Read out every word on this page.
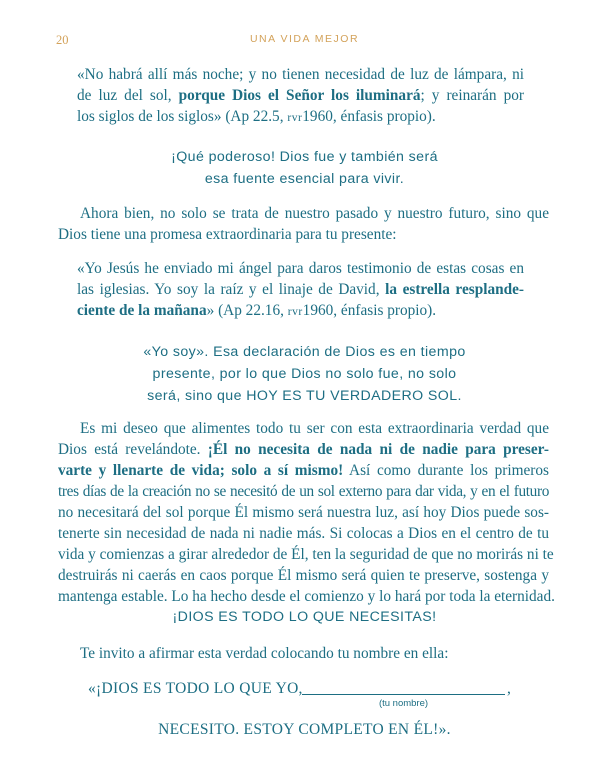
20	UNA VIDA MEJOR

«No habrá allí más noche; y no tienen necesidad de luz de lámpara, ni
de luz del sol, porque Dios el Señor los iluminará; y reinarán por
los siglos de los siglos» (Ap 22.5, rvr1960, énfasis propio).

¡Qué poderoso! Dios fue y también será
esa fuente esencial para vivir.

Ahora bien, no solo se trata de nuestro pasado y nuestro futuro, sino que
Dios tiene una promesa extraordinaria para tu presente:

«Yo Jesús he enviado mi ángel para daros testimonio de estas cosas en
las iglesias. Yo soy la raíz y el linaje de David, la estrella resplande-
ciente de la mañana» (Ap 22.16, rvr1960, énfasis propio).

«Yo soy». Esa declaración de Dios es en tiempo
presente, por lo que Dios no solo fue, no solo
será, sino que HOY ES TU VERDADERO SOL.

Es mi deseo que alimentes todo tu ser con esta extraordinaria verdad que
Dios está revelándote. ¡Él no necesita de nada ni de nadie para preser-
varte y llenarte de vida; solo a sí mismo! Así como durante los primeros
tres días de la creación no se necesitó de un sol externo para dar vida, y en el futuro
no necesitará del sol porque Él mismo será nuestra luz, así hoy Dios puede sos-
tenerte sin necesidad de nada ni nadie más. Si colocas a Dios en el centro de tu
vida y comienzas a girar alrededor de Él, ten la seguridad de que no morirás ni te
destruirás ni caerás en caos porque Él mismo será quien te preserve, sostenga y
mantenga estable. Lo ha hecho desde el comienzo y lo hará por toda la eternidad.

¡DIOS ES TODO LO QUE NECESITAS!

Te invito a afirmar esta verdad colocando tu nombre en ella:

«¡DIOS ES TODO LO QUE YO,	,
(tu nombre)
NECESITO. ESTOY COMPLETO EN ÉL!».
